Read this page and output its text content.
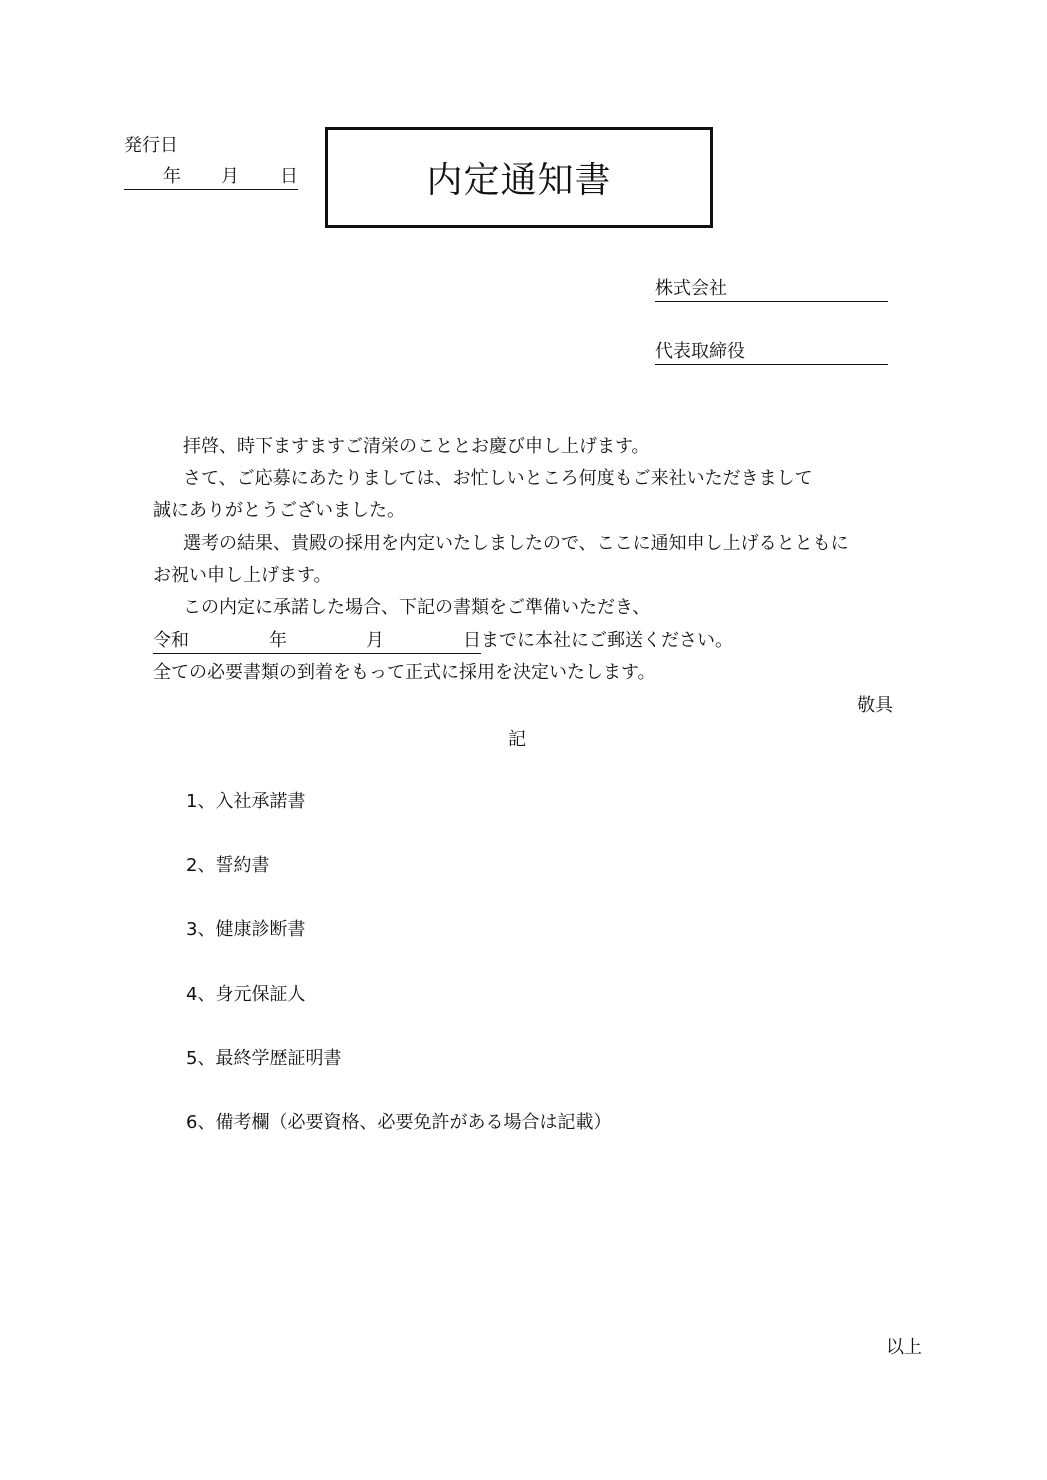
発行日
年 月 日	内定通知書
株式会社
代表取締役
拝啓、時下ますますご清栄のこととお慶び申し上げます。
さて、ご応募にあたりましては、お忙しいところ何度もご来社いただきまして
誠にありがとうございました。
選考の結果、貴殿の採用を内定いたしましたので、ここに通知申し上げるとともに
お祝い申し上げます。
この内定に承諾した場合、下記の書類をご準備いただき、
令和	年	月	日 までに本社にご郵送ください。
全ての必要書類の到着をもって正式に採用を決定いたします。
敬具
記
1、入社承諾書
2、誓約書
3、健康診断書
4、身元保証人
5、最終学歴証明書
6、備考欄（必要資格、必要免許がある場合は記載）
以上
